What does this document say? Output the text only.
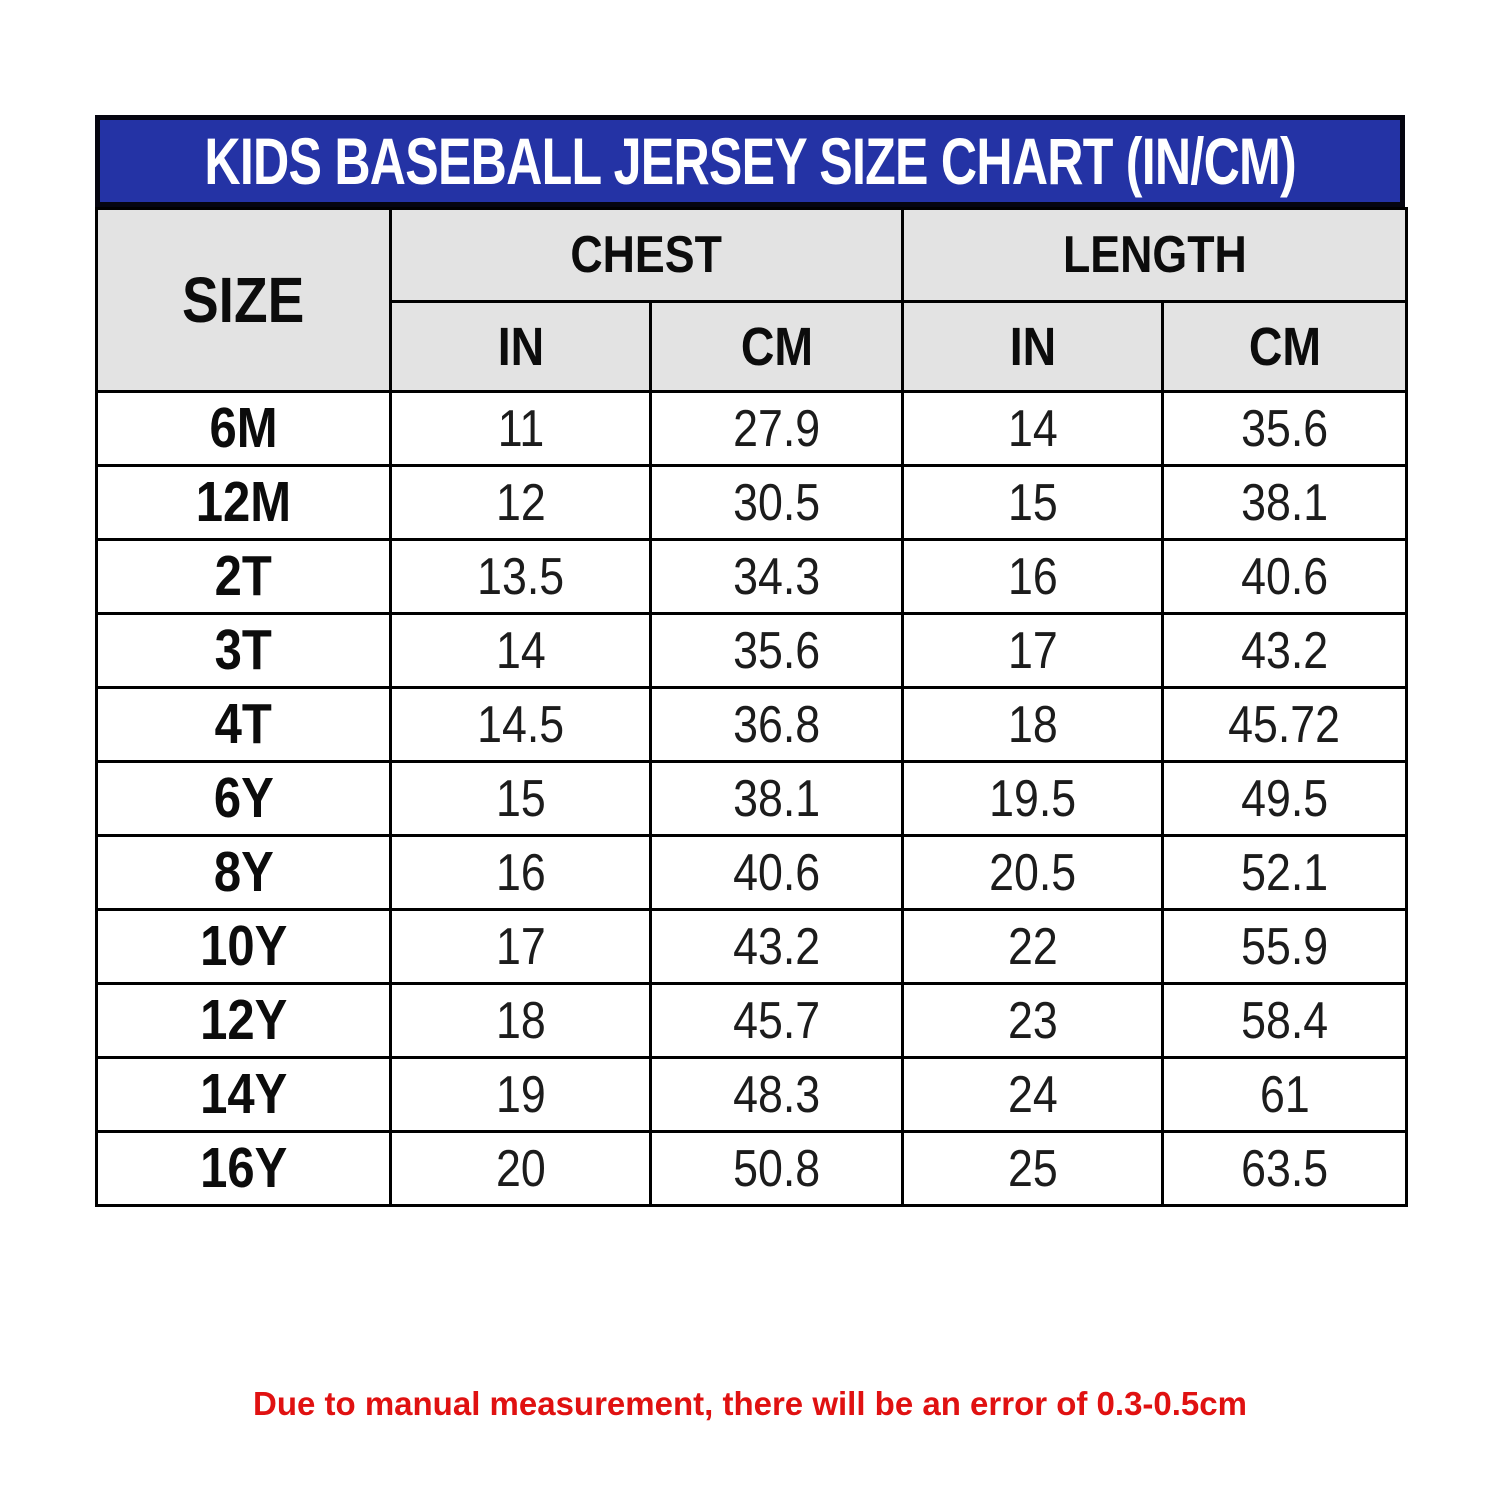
KIDS BASEBALL JERSEY SIZE CHART (IN/CM)
SIZE	CHEST		LENGTH	
	IN	CM	IN	CM
6M	11	27.9	14	35.6
12M	12	30.5	15	38.1
2T	13.5	34.3	16	40.6
3T	14	35.6	17	43.2
4T	14.5	36.8	18	45.72
6Y	15	38.1	19.5	49.5
8Y	16	40.6	20.5	52.1
10Y	17	43.2	22	55.9
12Y	18	45.7	23	58.4
14Y	19	48.3	24	61
16Y	20	50.8	25	63.5
Due to manual measurement, there will be an error of 0.3-0.5cm
